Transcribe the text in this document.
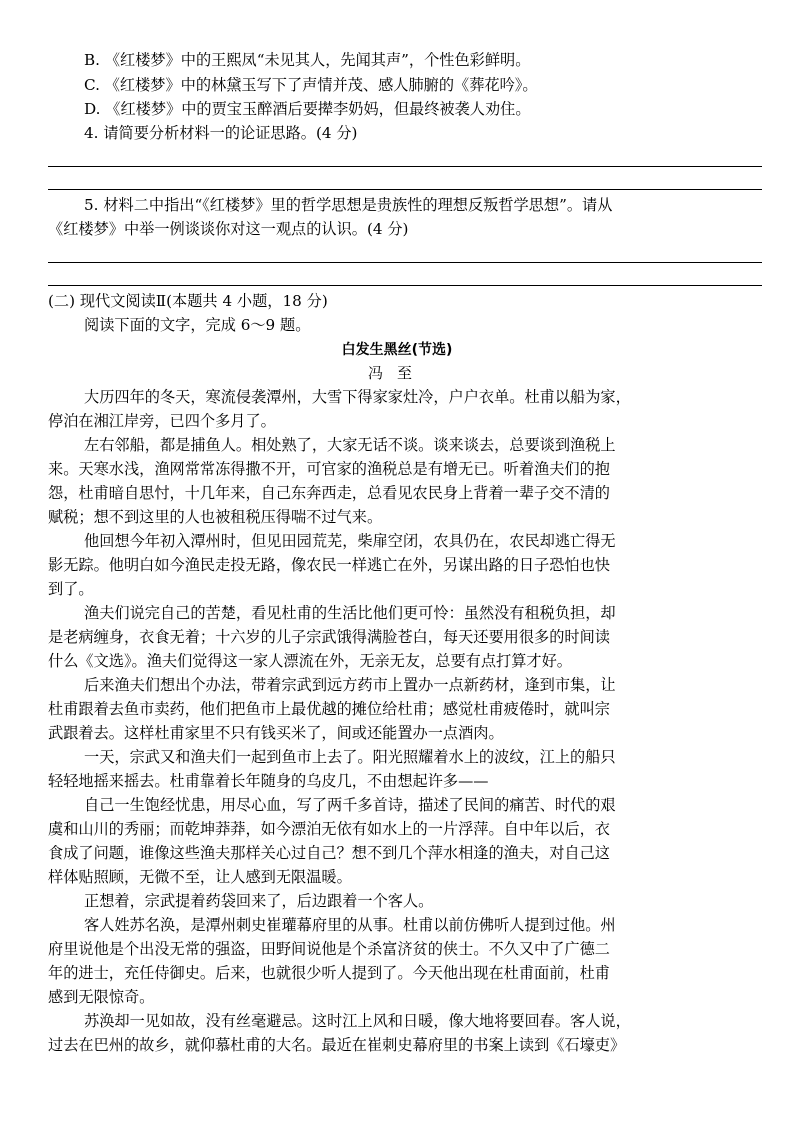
B. 《红楼梦》中的王熙凤“未见其人，先闻其声”，个性色彩鲜明。
C. 《红楼梦》中的林黛玉写下了声情并茂、感人肺腑的《葬花吟》。
D. 《红楼梦》中的贾宝玉醉酒后要撵李奶妈，但最终被袭人劝住。
4. 请简要分析材料一的论证思路。(4 分)
5. 材料二中指出“《红楼梦》里的哲学思想是贵族性的理想反叛哲学思想”。请从
《红楼梦》中举一例谈谈你对这一观点的认识。(4 分)
(二) 现代文阅读Ⅱ(本题共 4 小题，18 分)
阅读下面的文字，完成 6～9 题。
白发生黑丝(节选)
冯至
大历四年的冬天，寒流侵袭潭州，大雪下得家家灶冷，户户衣单。杜甫以船为家，
停泊在湘江岸旁，已四个多月了。
左右邻船，都是捕鱼人。相处熟了，大家无话不谈。谈来谈去，总要谈到渔税上
来。天寒水浅，渔网常常冻得撒不开，可官家的渔税总是有增无已。听着渔夫们的抱
怨，杜甫暗自思忖，十几年来，自己东奔西走，总看见农民身上背着一辈子交不清的
赋税；想不到这里的人也被租税压得喘不过气来。
他回想今年初入潭州时，但见田园荒芜，柴扉空闭，农具仍在，农民却逃亡得无
影无踪。他明白如今渔民走投无路，像农民一样逃亡在外，另谋出路的日子恐怕也快
到了。
渔夫们说完自己的苦楚，看见杜甫的生活比他们更可怜：虽然没有租税负担，却
是老病缠身，衣食无着；十六岁的儿子宗武饿得满脸苍白，每天还要用很多的时间读
什么《文选》。渔夫们觉得这一家人漂流在外，无亲无友，总要有点打算才好。
后来渔夫们想出个办法，带着宗武到远方药市上置办一点新药材，逢到市集，让
杜甫跟着去鱼市卖药，他们把鱼市上最优越的摊位给杜甫；感觉杜甫疲倦时，就叫宗
武跟着去。这样杜甫家里不只有钱买米了，间或还能置办一点酒肉。
一天，宗武又和渔夫们一起到鱼市上去了。阳光照耀着水上的波纹，江上的船只
轻轻地摇来摇去。杜甫靠着长年随身的乌皮几，不由想起许多——
自己一生饱经忧患，用尽心血，写了两千多首诗，描述了民间的痛苦、时代的艰
虞和山川的秀丽；而乾坤莽莽，如今漂泊无依有如水上的一片浮萍。自中年以后，衣
食成了问题，谁像这些渔夫那样关心过自己？想不到几个萍水相逢的渔夫，对自己这
样体贴照顾，无微不至，让人感到无限温暖。
正想着，宗武提着药袋回来了，后边跟着一个客人。
客人姓苏名涣，是潭州刺史崔瓘幕府里的从事。杜甫以前仿佛听人提到过他。州
府里说他是个出没无常的强盗，田野间说他是个杀富济贫的侠士。不久又中了广德二
年的进士，充任侍御史。后来，也就很少听人提到了。今天他出现在杜甫面前，杜甫
感到无限惊奇。
苏涣却一见如故，没有丝毫避忌。这时江上风和日暖，像大地将要回春。客人说，
过去在巴州的故乡，就仰慕杜甫的大名。最近在崔刺史幕府里的书案上读到《石壕吏》
